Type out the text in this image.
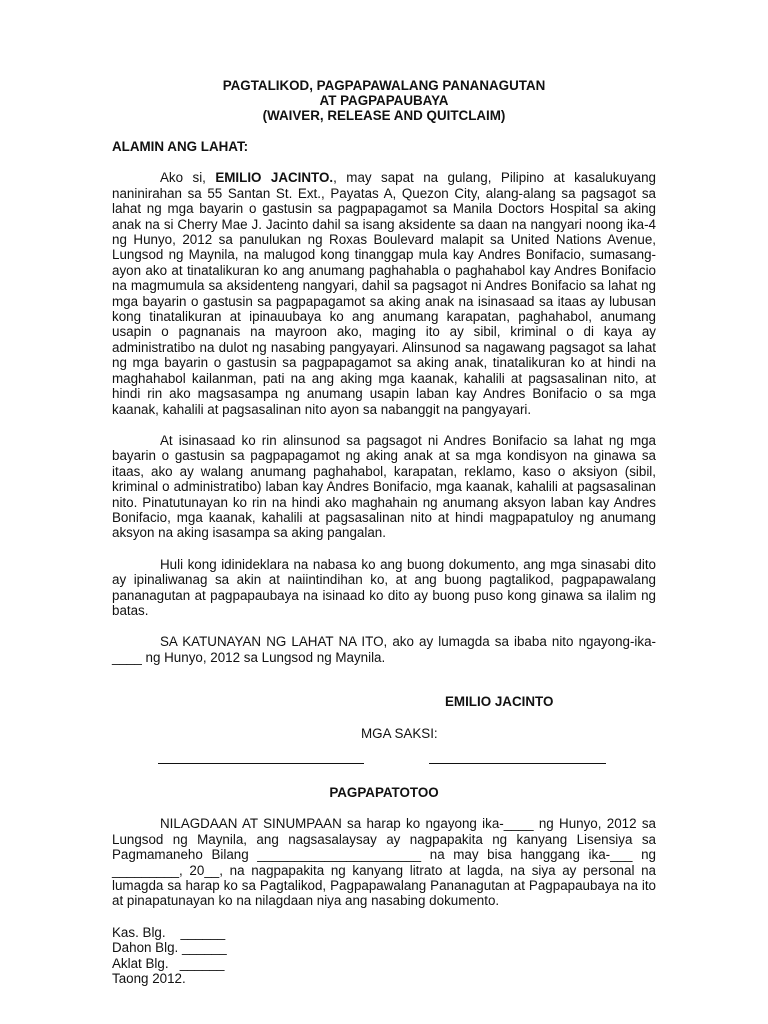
PAGTALIKOD, PAGPAPAWALANG PANANAGUTAN
AT PAGPAPAUBAYA
(WAIVER, RELEASE AND QUITCLAIM)
ALAMIN ANG LAHAT:

Ako si, EMILIO JACINTO., may sapat na gulang, Pilipino at kasalukuyang naninirahan sa 55 Santan St. Ext., Payatas A, Quezon City, alang-alang sa pagsagot sa lahat ng mga bayarin o gastusin sa pagpapagamot sa Manila Doctors Hospital sa aking anak na si Cherry Mae J. Jacinto dahil sa isang aksidente sa daan na nangyari noong ika-4 ng Hunyo, 2012 sa panulukan ng Roxas Boulevard malapit sa United Nations Avenue, Lungsod ng Maynila, na malugod kong tinanggap mula kay Andres Bonifacio, sumasang-ayon ako at tinatalikuran ko ang anumang paghahabla o paghahabol kay Andres Bonifacio na magmumula sa aksidenteng nangyari, dahil sa pagsagot ni Andres Bonifacio sa lahat ng mga bayarin o gastusin sa pagpapagamot sa aking anak na isinasaad sa itaas ay lubusan kong tinatalikuran at ipinauubaya ko ang anumang karapatan, paghahabol, anumang usapin o pagnanais na mayroon ako, maging ito ay sibil, kriminal o di kaya ay administratibo na dulot ng nasabing pangyayari. Alinsunod sa nagawang pagsagot sa lahat ng mga bayarin o gastusin sa pagpapagamot sa aking anak, tinatalikuran ko at hindi na maghahabol kailanman, pati na ang aking mga kaanak, kahalili at pagsasalinan nito, at hindi rin ako magsasampa ng anumang usapin laban kay Andres Bonifacio o sa mga kaanak, kahalili at pagsasalinan nito ayon sa nabanggit na pangyayari.

At isinasaad ko rin alinsunod sa pagsagot ni Andres Bonifacio sa lahat ng mga bayarin o gastusin sa pagpapagamot ng aking anak at sa mga kondisyon na ginawa sa itaas, ako ay walang anumang paghahabol, karapatan, reklamo, kaso o aksiyon (sibil, kriminal o administratibo) laban kay Andres Bonifacio, mga kaanak, kahalili at pagsasalinan nito. Pinatutunayan ko rin na hindi ako maghahain ng anumang aksyon laban kay Andres Bonifacio, mga kaanak, kahalili at pagsasalinan nito at hindi magpapatuloy ng anumang aksyon na aking isasampa sa aking pangalan.

Huli kong idinideklara na nabasa ko ang buong dokumento, ang mga sinasabi dito ay ipinaliwanag sa akin at naiintindihan ko, at ang buong pagtalikod, pagpapawalang pananagutan at pagpapaubaya na isinaad ko dito ay buong puso kong ginawa sa ilalim ng batas.

SA KATUNAYAN NG LAHAT NA ITO, ako ay lumagda sa ibaba nito ngayong-ika-____ ng Hunyo, 2012 sa Lungsod ng Maynila.

EMILIO JACINTO
MGA SAKSI:
PAGPAPATOTOO

NILAGDAAN AT SINUMPAAN sa harap ko ngayong ika-____ ng Hunyo, 2012 sa Lungsod ng Maynila, ang nagsasalaysay ay nagpapakita ng kanyang Lisensiya sa Pagmamaneho Bilang ______________________ na may bisa hanggang ika-___ ng _________, 20__, na nagpapakita ng kanyang litrato at lagda, na siya ay personal na lumagda sa harap ko sa Pagtalikod, Pagpapawalang Pananagutan at Pagpapaubaya na ito at pinapatunayan ko na nilagdaan niya ang nasabing dokumento.

Kas. Blg.    ______
Dahon Blg. ______
Aklat Blg.   ______
Taong 2012.
